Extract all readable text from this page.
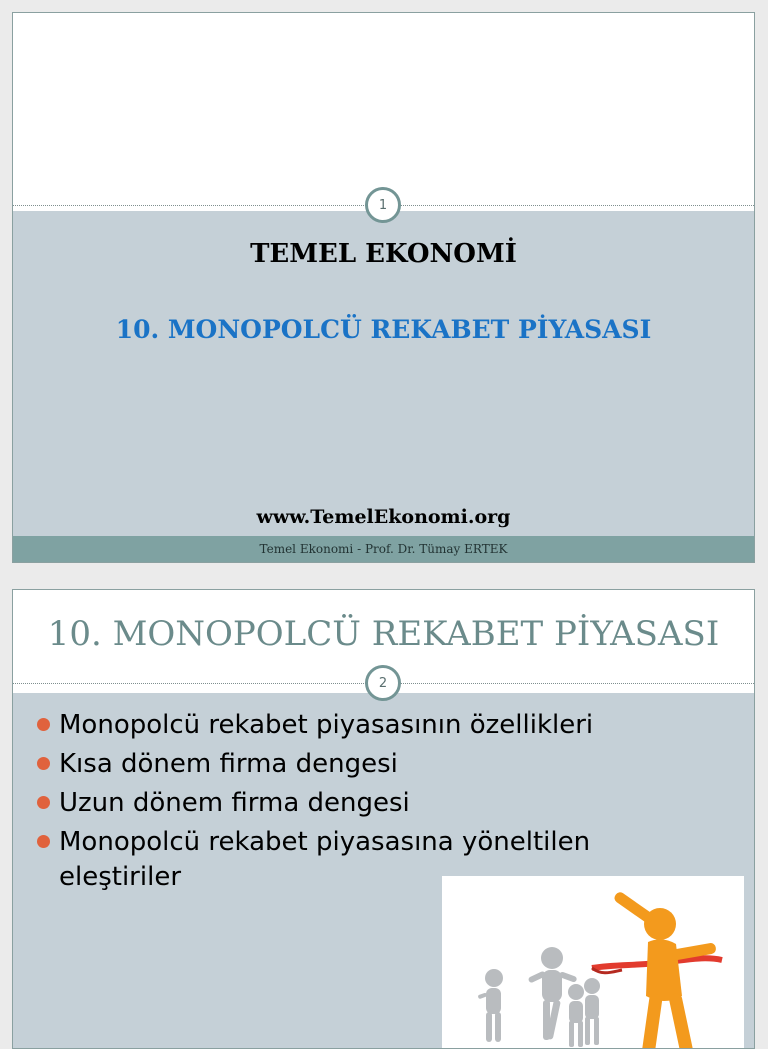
1
TEMEL EKONOMİ
10. MONOPOLCÜ REKABET PİYASASI
www.TemelEkonomi.org
Temel Ekonomi - Prof. Dr. Tümay ERTEK
10. MONOPOLCÜ REKABET PİYASASI
2
Monopolcü rekabet piyasasının özellikleri
Kısa dönem firma dengesi
Uzun dönem firma dengesi
Monopolcü rekabet piyasasına yöneltilen eleştiriler
